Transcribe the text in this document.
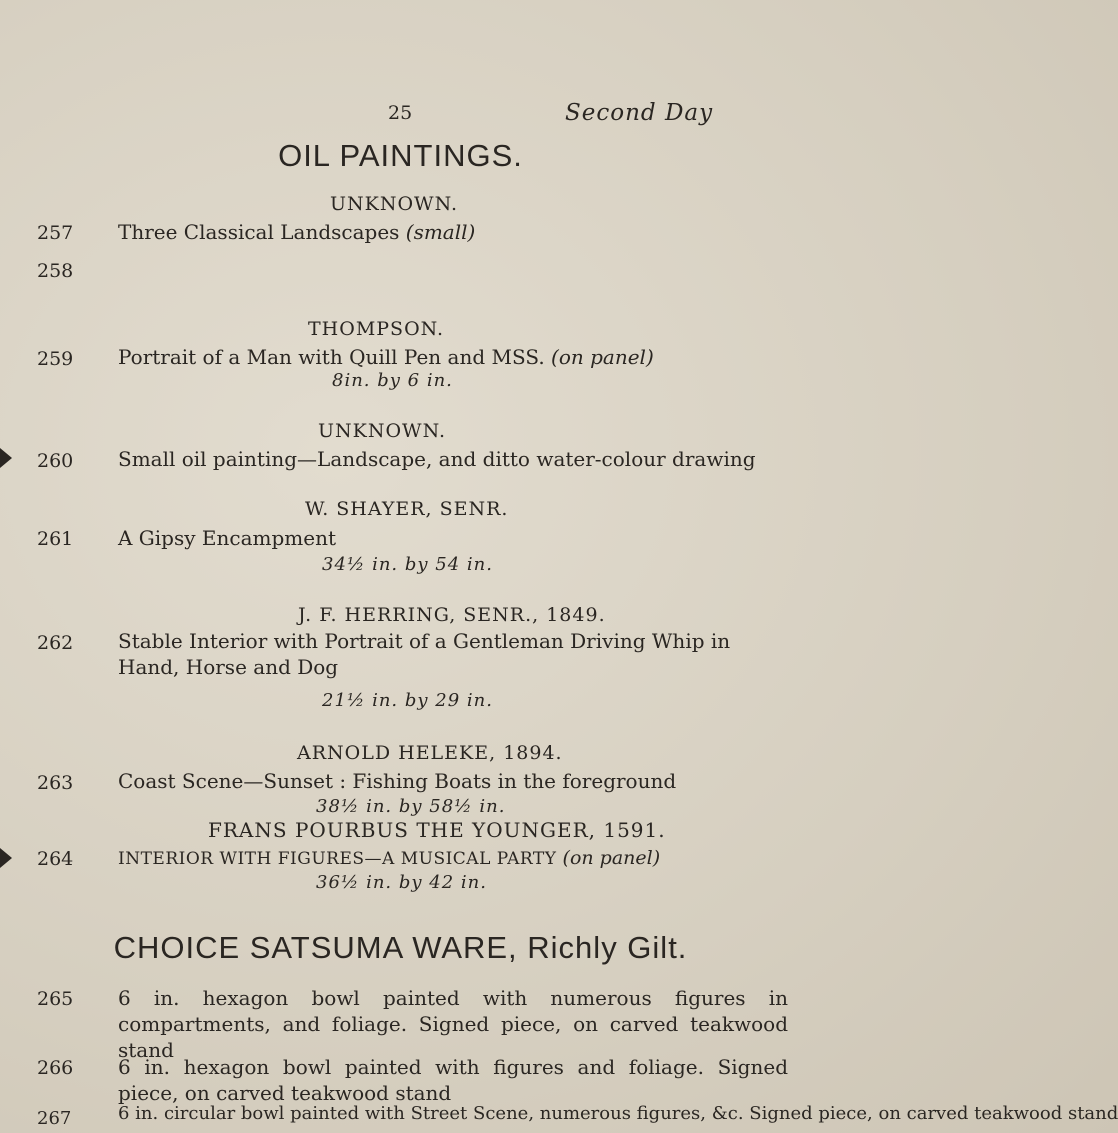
25	Second Day
OIL PAINTINGS.
UNKNOWN.
257 Three Classical Landscapes (small)
258
THOMPSON.
259 Portrait of a Man with Quill Pen and MSS. (on panel)
8in. by 6 in.
UNKNOWN.
260 Small oil painting—Landscape, and ditto water-colour drawing
W. SHAYER, SENR.
261 A Gipsy Encampment
34½ in. by 54 in.
J. F. HERRING, SENR., 1849.
262 Stable Interior with Portrait of a Gentleman Driving Whip in Hand, Horse and Dog
21½ in. by 29 in.
ARNOLD HELEKE, 1894.
263 Coast Scene—Sunset : Fishing Boats in the foreground
38½ in. by 58½ in.
FRANS POURBUS THE YOUNGER, 1591.
264	INTERIOR WITH FIGURES—A MUSICAL PARTY (on panel)
36½ in. by 42 in.
CHOICE SATSUMA WARE, Richly Gilt.
265 6 in. hexagon bowl painted with numerous figures in compartments, and foliage. Signed piece, on carved teakwood stand
266 6 in. hexagon bowl painted with figures and foliage. Signed piece, on carved teakwood stand
267	6 in. circular bowl painted with Street Scene, numerous figures, &c. Signed piece, on carved teakwood stand
